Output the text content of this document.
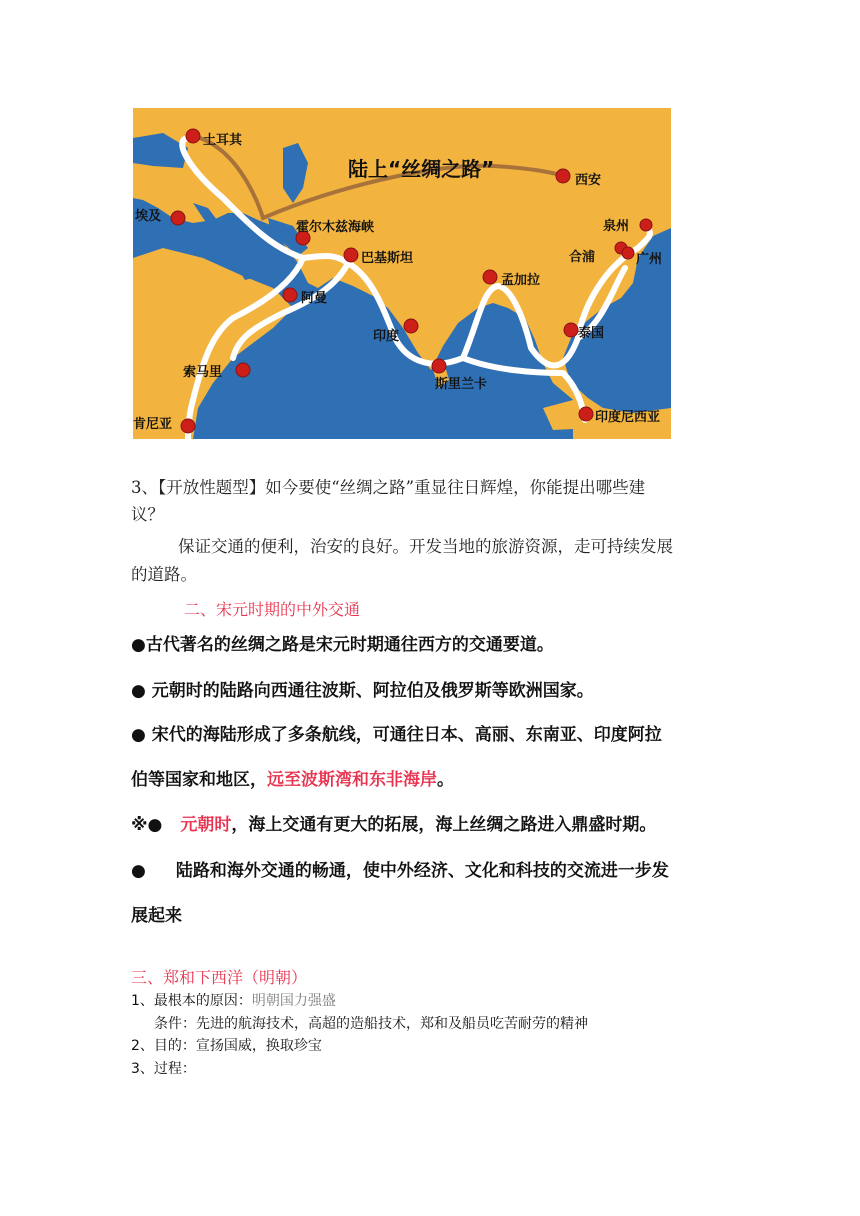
陆上“丝绸之路”
土耳其
西安
埃及
霍尔木兹海峡
巴基斯坦
泉州
合浦	广州
阿曼
孟加拉
印度	泰国
索马里
斯里兰卡
肯尼亚	印度尼西亚

3、【开放性题型】如今要使“丝绸之路”重显往日辉煌，你能提出哪些建

议？

保证交通的便利，治安的良好。开发当地的旅游资源，走可持续发展

的道路。

二、宋元时期的中外交通

●古代著名的丝绸之路是宋元时期通往西方的交通要道。

● 元朝时的陆路向西通往波斯、阿拉伯及俄罗斯等欧洲国家。

● 宋代的海陆形成了多条航线，可通往日本、高丽、东南亚、印度阿拉

伯等国家和地区，远至波斯湾和东非海岸。

※● 元朝时，海上交通有更大的拓展，海上丝绸之路进入鼎盛时期。

● 陆路和海外交通的畅通，使中外经济、文化和科技的交流进一步发

展起来

三、郑和下西洋（明朝）

1、最根本的原因：明朝国力强盛

条件：先进的航海技术，高超的造船技术，郑和及船员吃苦耐劳的精神

2、目的：宣扬国威，换取珍宝

3、过程：
